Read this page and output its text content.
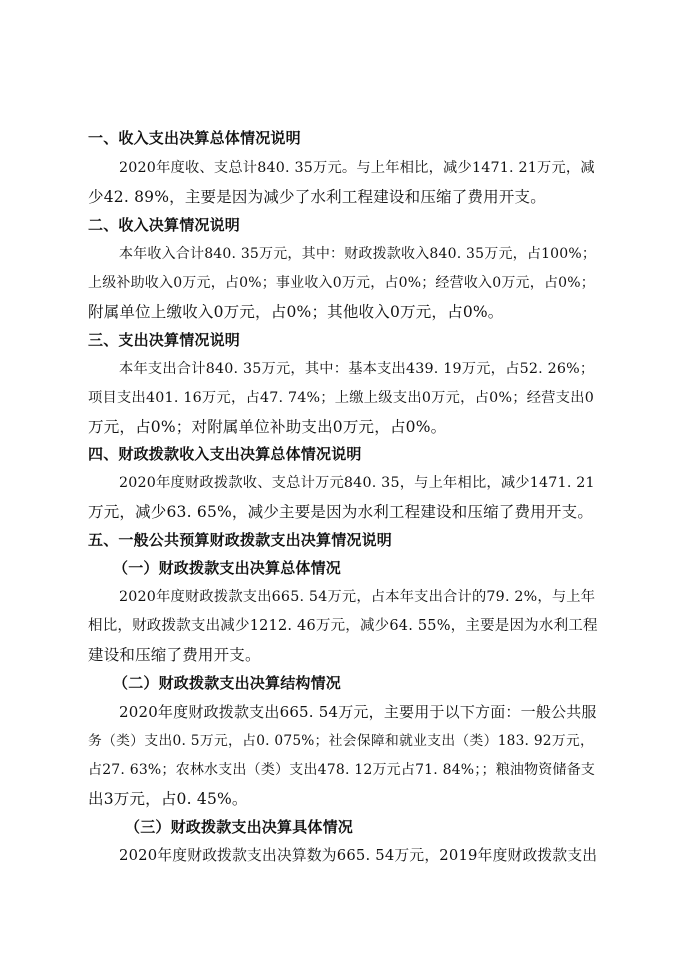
一、收入支出决算总体情况说明
2020年度收、支总计840. 35万元。与上年相比，减少1471. 21万元，减
少42. 89%，主要是因为减少了水利工程建设和压缩了费用开支。
二、收入决算情况说明
本年收入合计840. 35万元，其中：财政拨款收入840. 35万元，占100%；
上级补助收入0万元，占0%；事业收入0万元，占0%；经营收入0万元，占0%；
附属单位上缴收入0万元，占0%；其他收入0万元，占0%。
三、支出决算情况说明
本年支出合计840. 35万元，其中：基本支出439. 19万元，占52. 26%；
项目支出401. 16万元，占47. 74%；上缴上级支出0万元，占0%；经营支出0
万元，占0%；对附属单位补助支出0万元，占0%。
四、财政拨款收入支出决算总体情况说明
2020年度财政拨款收、支总计万元840. 35，与上年相比，减少1471. 21
万元，减少63. 65%，减少主要是因为水利工程建设和压缩了费用开支。
五、一般公共预算财政拨款支出决算情况说明
（一）财政拨款支出决算总体情况
2020年度财政拨款支出665. 54万元，占本年支出合计的79. 2%，与上年
相比，财政拨款支出减少1212. 46万元，减少64. 55%，主要是因为水利工程
建设和压缩了费用开支。
（二）财政拨款支出决算结构情况
2020年度财政拨款支出665. 54万元，主要用于以下方面：一般公共服
务（类）支出0. 5万元，占0. 075%；社会保障和就业支出（类）183. 92万元，
占27. 63%；农林水支出（类）支出478. 12万元占71. 84%；；粮油物资储备支
出3万元，占0. 45%。
（三）财政拨款支出决算具体情况
2020年度财政拨款支出决算数为665. 54万元，2019年度财政拨款支出
